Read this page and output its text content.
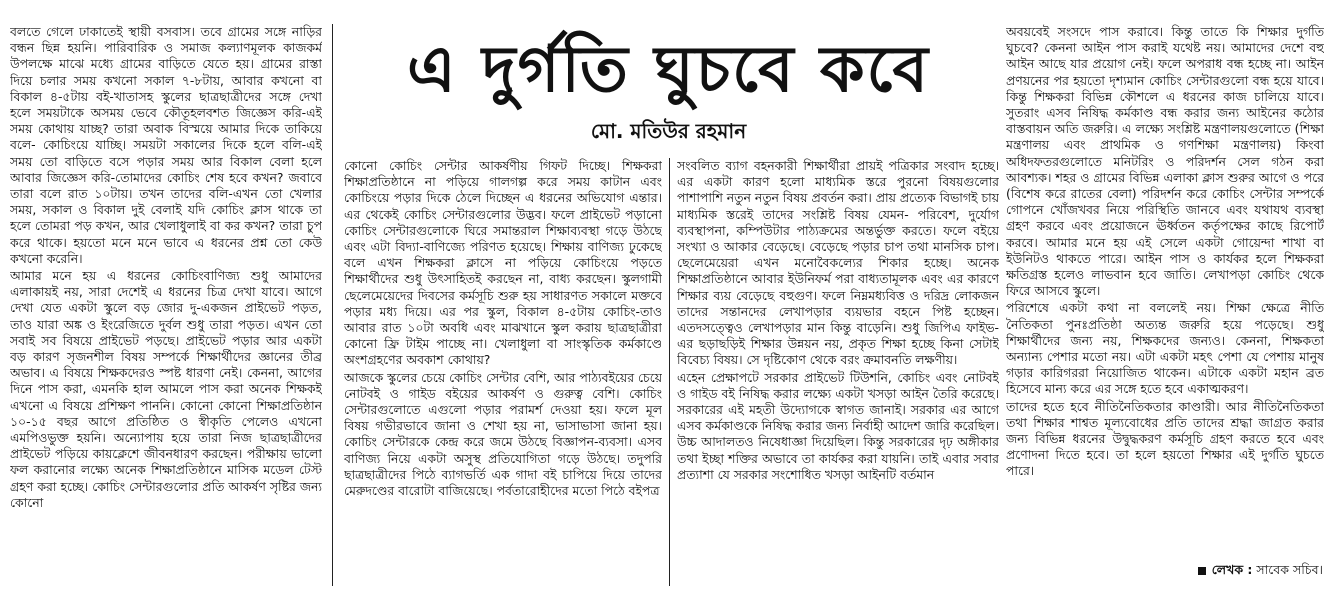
এ দুর্গতি ঘুচবে কবে
মো. মতিউর রহমান

বলতে গেলে ঢাকাতেই স্থায়ী বসবাস। তবে গ্রামের সঙ্গে নাড়ির বন্ধন ছিন্ন হয়নি। পারিবারিক ও সমাজ কল্যাণমূলক কাজকর্ম উপলক্ষে মাঝে মধ্যে গ্রামের বাড়িতে যেতে হয়। গ্রামের রাস্তা দিয়ে চলার সময় কখনো সকাল ৭-৮টায়, আবার কখনো বা বিকাল ৪-৫টায় বই-খাতাসহ স্কুলের ছাত্রছাত্রীদের সঙ্গে দেখা হলে সময়টাকে অসময় ভেবে কৌতূহলবশত জিজ্ঞেস করি-এই সময় কোথায় যাচ্ছ? তারা অবাক বিস্ময়ে আমার দিকে তাকিয়ে বলে- কোচিংয়ে যাচ্ছি। সময়টা সকালের দিকে হলে বলি-এই সময় তো বাড়িতে বসে পড়ার সময় আর বিকাল বেলা হলে আবার জিজ্ঞেস করি-তোমাদের কোচিং শেষ হবে কখন? জবাবে তারা বলে রাত ১০টায়। তখন তাদের বলি-এখন তো খেলার সময়, সকাল ও বিকাল দুই বেলাই যদি কোচিং ক্লাস থাকে তা হলে তোমরা পড় কখন, আর খেলাধুলাই বা কর কখন? তারা চুপ করে থাকে। হয়তো মনে মনে ভাবে এ ধরনের প্রশ্ন তো কেউ কখনো করেনি।

আমার মনে হয় এ ধরনের কোচিংবাণিজ্য শুধু আমাদের এলাকায়ই নয়, সারা দেশেই এ ধরনের চিত্র দেখা যাবে। আগে দেখা যেত একটা স্কুলে বড় জোর দু-একজন প্রাইভেট পড়ত, তাও যারা অঙ্ক ও ইংরেজিতে দুর্বল শুধু তারা পড়ত। এখন তো সবাই সব বিষয়ে প্রাইভেট পড়ছে। প্রাইভেট পড়ার আর একটা বড় কারণ সৃজনশীল বিষয় সম্পর্কে শিক্ষার্থীদের জ্ঞানের তীব্র অভাব। এ বিষয়ে শিক্ষকদেরও স্পষ্ট ধারণা নেই। কেননা, আগের দিনে পাস করা, এমনকি হাল আমলে পাস করা অনেক শিক্ষকই এখনো এ বিষয়ে প্রশিক্ষণ পাননি। কোনো কোনো শিক্ষাপ্রতিষ্ঠান ১০-১৫ বছর আগে প্রতিষ্ঠিত ও স্বীকৃতি পেলেও এখনো এমপিওভুক্ত হয়নি। অন্যোপায় হয়ে তারা নিজ ছাত্রছাত্রীদের প্রাইভেট পড়িয়ে কায়ক্লেশে জীবনধারণ করছেন। পরীক্ষায় ভালো ফল করানোর লক্ষ্যে অনেক শিক্ষাপ্রতিষ্ঠানে মাসিক মডেল টেস্ট গ্রহণ করা হচ্ছে। কোচিং সেন্টারগুলোর প্রতি আকর্ষণ সৃষ্টির জন্য কোনো

কোনো কোচিং সেন্টার আকর্ষণীয় গিফট দিচ্ছে। শিক্ষকরা শিক্ষাপ্রতিষ্ঠানে না পড়িয়ে গালগল্প করে সময় কাটান এবং কোচিংয়ে পড়ার দিকে ঠেলে দিচ্ছেন এ ধরনের অভিযোগ এন্তার। এর থেকেই কোচিং সেন্টারগুলোর উদ্ভব। ফলে প্রাইভেট পড়ানো কোচিং সেন্টারগুলোকে ঘিরে সমান্তরাল শিক্ষাব্যবস্থা গড়ে উঠছে এবং এটা বিদ্যা-বাণিজ্যে পরিণত হয়েছে। শিক্ষায় বাণিজ্য ঢুকেছে বলে এখন শিক্ষকরা ক্লাসে না পড়িয়ে কোচিংয়ে পড়তে শিক্ষার্থীদের শুধু উৎসাহিতই করছেন না, বাধ্য করছেন। স্কুলগামী ছেলেমেয়েদের দিবসের কর্মসূচি শুরু হয় সাধারণত সকালে মক্তবে পড়ার মধ্য দিয়ে। এর পর স্কুল, বিকাল ৪-৫টায় কোচিং-তাও আবার রাত ১০টা অবধি এবং মাঝখানে স্কুল করায় ছাত্রছাত্রীরা কোনো ফ্রি টাইম পাচ্ছে না। খেলাধুলা বা সাংস্কৃতিক কর্মকাণ্ডে অংশগ্রহণের অবকাশ কোথায়?

আজকে স্কুলের চেয়ে কোচিং সেন্টার বেশি, আর পাঠ্যবইয়ের চেয়ে নোটবই ও গাইড বইয়ের আকর্ষণ ও গুরুত্ব বেশি। কোচিং সেন্টারগুলোতে এগুলো পড়ার পরামর্শ দেওয়া হয়। ফলে মূল বিষয় গভীরভাবে জানা ও শেখা হয় না, ভাসাভাসা জানা হয়। কোচিং সেন্টারকে কেন্দ্র করে জমে উঠছে বিজ্ঞাপন-ব্যবসা। এসব বাণিজ্য নিয়ে একটা অসুস্থ প্রতিযোগিতা গড়ে উঠছে। তদুপরি ছাত্রছাত্রীদের পিঠে ব্যাগভর্তি এক গাদা বই চাপিয়ে দিয়ে তাদের মেরুদণ্ডের বারোটা বাজিয়েছে। পর্বতারোহীদের মতো পিঠে বইপত্র

সংবলিত ব্যাগ বহনকারী শিক্ষার্থীরা প্রায়ই পত্রিকার সংবাদ হচ্ছে। এর একটা কারণ হলো মাধ্যমিক স্তরে পুরনো বিষয়গুলোর পাশাপাশি নতুন নতুন বিষয় প্রবর্তন করা। প্রায় প্রত্যেক বিভাগই চায় মাধ্যমিক স্তরেই তাদের সংশ্লিষ্ট বিষয় যেমন- পরিবেশ, দুর্যোগ ব্যবস্থাপনা, কম্পিউটার পাঠ্যক্রমের অন্তর্ভুক্ত করতে। ফলে বইয়ে সংখ্যা ও আকার বেড়েছে। বেড়েছে পড়ার চাপ তথা মানসিক চাপ। ছেলেমেয়েরা এখন মনোবৈকল্যের শিকার হচ্ছে। অনেক শিক্ষাপ্রতিষ্ঠানে আবার ইউনিফর্ম পরা বাধ্যতামূলক এবং এর কারণে শিক্ষার ব্যয় বেড়েছে বহুগুণ। ফলে নিম্নমধ্যবিত্ত ও দরিদ্র লোকজন তাদের সন্তানদের লেখাপড়ার ব্যয়ভার বহনে পিষ্ট হচ্ছেন। এতদসত্ত্বেও লেখাপড়ার মান কিন্তু বাড়েনি। শুধু জিপিএ ফাইভ-এর ছড়াছড়িই শিক্ষার উন্নয়ন নয়, প্রকৃত শিক্ষা হচ্ছে কিনা সেটাই বিবেচ্য বিষয়। সে দৃষ্টিকোণ থেকে বরং ক্রমাবনতি লক্ষণীয়।

এহেন প্রেক্ষাপটে সরকার প্রাইভেট টিউশনি, কোচিং এবং নোটবই ও গাইড বই নিষিদ্ধ করার লক্ষ্যে একটা খসড়া আইন তৈরি করেছে। সরকারের এই মহতী উদ্যোগকে স্বাগত জানাই। সরকার এর আগে এসব কর্মকাণ্ডকে নিষিদ্ধ করার জন্য নির্বাহী আদেশ জারি করেছিল। উচ্চ আদালতও নিষেধাজ্ঞা দিয়েছিল। কিন্তু সরকারের দৃঢ় অঙ্গীকার তথা ইচ্ছা শক্তির অভাবে তা কার্যকর করা যায়নি। তাই এবার সবার প্রত্যাশা যে সরকার সংশোধিত খসড়া আইনটি বর্তমান

অবয়বেই সংসদে পাস করাবে। কিন্তু তাতে কি শিক্ষার দুর্গতি ঘুচবে? কেননা আইন পাস করাই যথেষ্ট নয়। আমাদের দেশে বহু আইন আছে যার প্রয়োগ নেই। ফলে অপরাধ বন্ধ হচ্ছে না। আইন প্রণয়নের পর হয়তো দৃশ্যমান কোচিং সেন্টারগুলো বন্ধ হয়ে যাবে। কিন্তু শিক্ষকরা বিভিন্ন কৌশলে এ ধরনের কাজ চালিয়ে যাবে। সুতরাং এসব নিষিদ্ধ কর্মকাণ্ড বন্ধ করার জন্য আইনের কঠোর বাস্তবায়ন অতি জরুরি। এ লক্ষ্যে সংশ্লিষ্ট মন্ত্রণালয়গুলোতে (শিক্ষা মন্ত্রণালয় এবং প্রাথমিক ও গণশিক্ষা মন্ত্রণালয়) কিংবা অধিদফতরগুলোতে মনিটরিং ও পরিদর্শন সেল গঠন করা আবশ্যক। শহর ও গ্রামের বিভিন্ন এলাকা ক্লাস শুরুর আগে ও পরে (বিশেষ করে রাতের বেলা) পরিদর্শন করে কোচিং সেন্টার সম্পর্কে গোপনে খোঁজখবর নিয়ে পরিস্থিতি জানবে এবং যথাযথ ব্যবস্থা গ্রহণ করবে এবং প্রয়োজনে ঊর্ধ্বতন কর্তৃপক্ষের কাছে রিপোর্ট করবে। আমার মনে হয় এই সেলে একটা গোয়েন্দা শাখা বা ইউনিটও থাকতে পারে। আইন পাস ও কার্যকর হলে শিক্ষকরা ক্ষতিগ্রস্ত হলেও লাভবান হবে জাতি। লেখাপড়া কোচিং থেকে ফিরে আসবে স্কুলে।

পরিশেষে একটা কথা না বললেই নয়। শিক্ষা ক্ষেত্রে নীতি নৈতিকতা পুনঃপ্রতিষ্ঠা অত্যন্ত জরুরি হয়ে পড়েছে। শুধু শিক্ষার্থীদের জন্য নয়, শিক্ষকদের জন্যও। কেননা, শিক্ষকতা অন্যান্য পেশার মতো নয়। এটা একটা মহৎ পেশা যে পেশায় মানুষ গড়ার কারিগররা নিয়োজিত থাকেন। এটাকে একটা মহান ব্রত হিসেবে মান্য করে এর সঙ্গে হতে হবে একাত্মকরণ।

তাদের হতে হবে নীতিনৈতিকতার কাণ্ডারী। আর নীতিনৈতিকতা তথা শিক্ষার শাশ্বত মূল্যবোধের প্রতি তাদের শ্রদ্ধা জাগ্রত করার জন্য বিভিন্ন ধরনের উদ্বুদ্ধকরণ কর্মসূচি গ্রহণ করতে হবে এবং প্রণোদনা দিতে হবে। তা হলে হয়তো শিক্ষার এই দুর্গতি ঘুচতে পারে।

লেখক : সাবেক সচিব।
